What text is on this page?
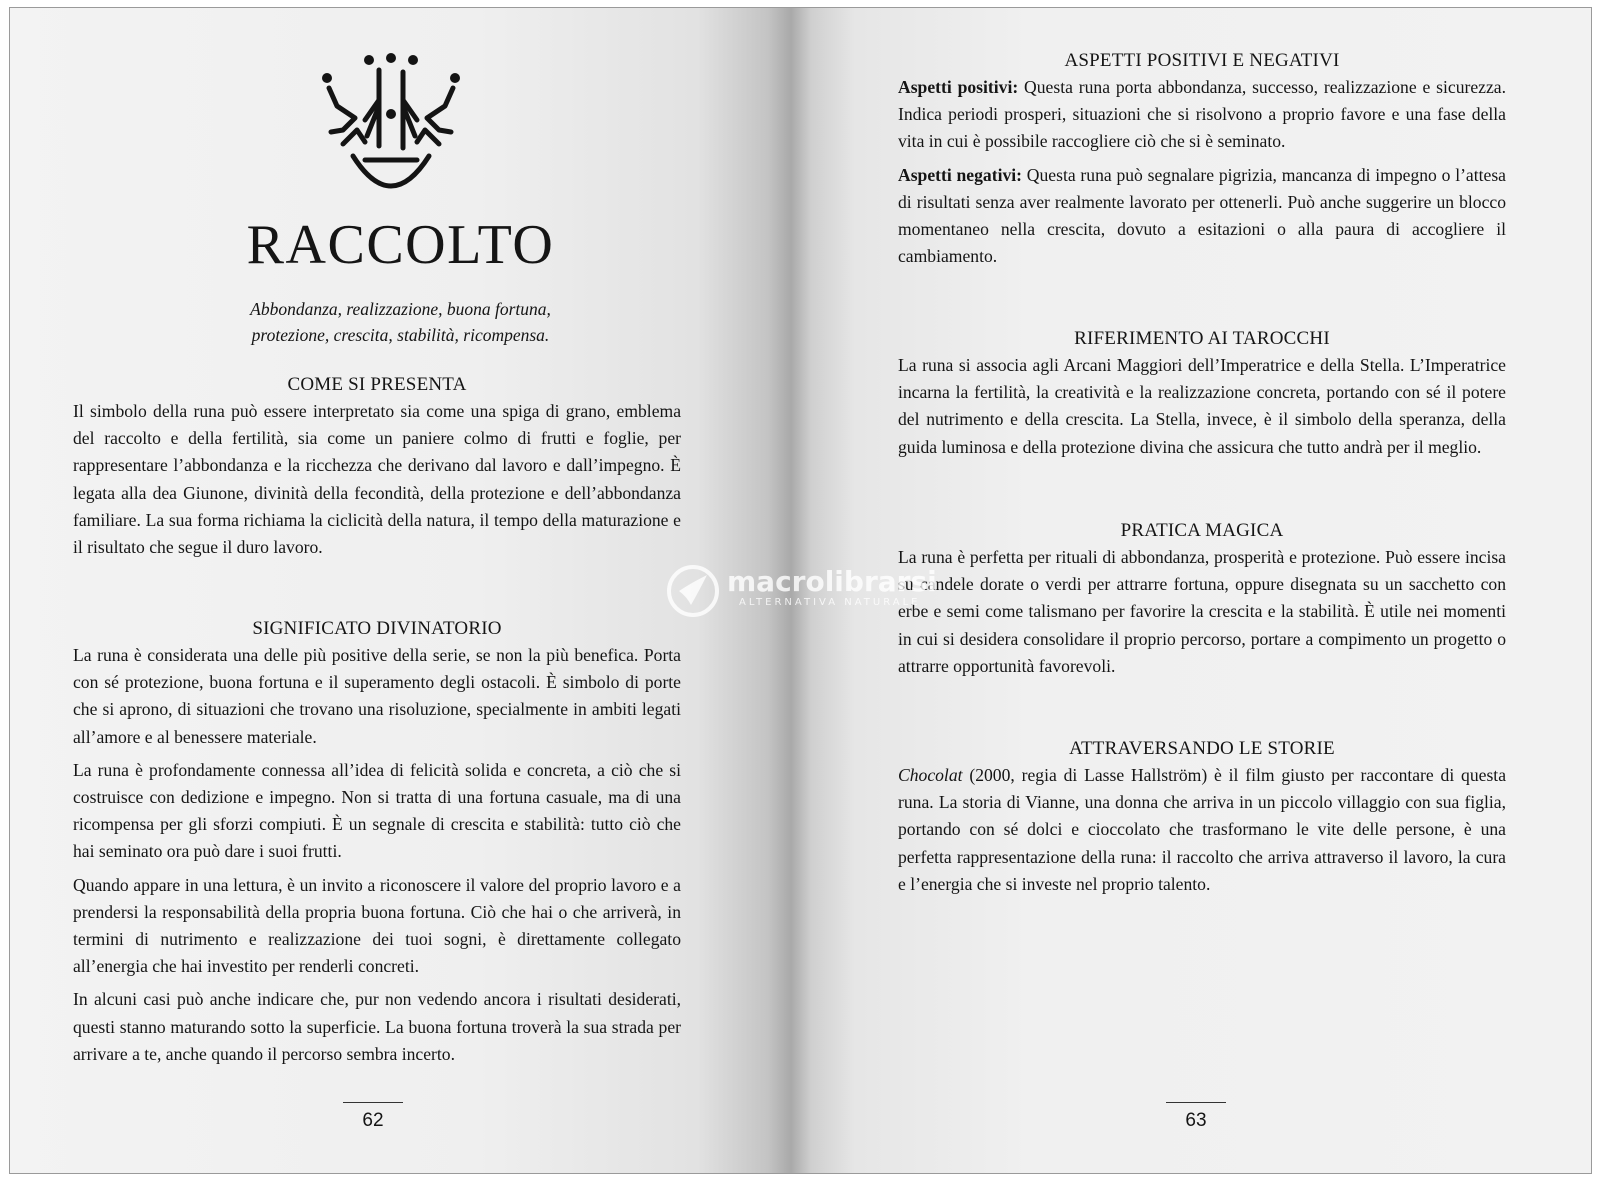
RACCOLTO

Abbondanza, realizzazione, buona fortuna,
protezione, crescita, stabilità, ricompensa.

COME SI PRESENTA

Il simbolo della runa può essere interpretato sia come una spiga di grano, emblema del raccolto e della fertilità, sia come un paniere colmo di frutti e foglie, per rappresentare l’abbondanza e la ricchezza che derivano dal lavoro e dall’impegno. È legata alla dea Giunone, divinità della fecondità, della protezione e dell’abbondanza familiare. La sua forma richiama la ciclicità della natura, il tempo della maturazione e il risultato che segue il duro lavoro.

SIGNIFICATO DIVINATORIO

La runa è considerata una delle più positive della serie, se non la più benefica. Porta con sé protezione, buona fortuna e il superamento degli ostacoli. È simbolo di porte che si aprono, di situazioni che trovano una risoluzione, specialmente in ambiti legati all’amore e al benessere materiale.

La runa è profondamente connessa all’idea di felicità solida e concreta, a ciò che si costruisce con dedizione e impegno. Non si tratta di una fortuna casuale, ma di una ricompensa per gli sforzi compiuti. È un segnale di crescita e stabilità: tutto ciò che hai seminato ora può dare i suoi frutti.

Quando appare in una lettura, è un invito a riconoscere il valore del proprio lavoro e a prendersi la responsabilità della propria buona fortuna. Ciò che hai o che arriverà, in termini di nutrimento e realizzazione dei tuoi sogni, è direttamente collegato all’energia che hai investito per renderli concreti.

In alcuni casi può anche indicare che, pur non vedendo ancora i risultati desiderati, questi stanno maturando sotto la superficie. La buona fortuna troverà la sua strada per arrivare a te, anche quando il percorso sembra incerto.

62

ASPETTI POSITIVI E NEGATIVI

Aspetti positivi: Questa runa porta abbondanza, successo, realizzazione e sicurezza. Indica periodi prosperi, situazioni che si risolvono a proprio favore e una fase della vita in cui è possibile raccogliere ciò che si è seminato.

Aspetti negativi: Questa runa può segnalare pigrizia, mancanza di impegno o l’attesa di risultati senza aver realmente lavorato per ottenerli. Può anche suggerire un blocco momentaneo nella crescita, dovuto a esitazioni o alla paura di accogliere il cambiamento.

RIFERIMENTO AI TAROCCHI

La runa si associa agli Arcani Maggiori dell’Imperatrice e della Stella. L’Imperatrice incarna la fertilità, la creatività e la realizzazione concreta, portando con sé il potere del nutrimento e della crescita. La Stella, invece, è il simbolo della speranza, della guida luminosa e della protezione divina che assicura che tutto andrà per il meglio.

PRATICA MAGICA

La runa è perfetta per rituali di abbondanza, prosperità e protezione. Può essere incisa su candele dorate o verdi per attrarre fortuna, oppure disegnata su un sacchetto con erbe e semi come talismano per favorire la crescita e la stabilità. È utile nei momenti in cui si desidera consolidare il proprio percorso, portare a compimento un progetto o attrarre opportunità favorevoli.

ATTRAVERSANDO LE STORIE

Chocolat (2000, regia di Lasse Hallström) è il film giusto per raccontare di questa runa. La storia di Vianne, una donna che arriva in un piccolo villaggio con sua figlia, portando con sé dolci e cioccolato che trasformano le vite delle persone, è una perfetta rappresentazione della runa: il raccolto che arriva attraverso il lavoro, la cura e l’energia che si investe nel proprio talento.

63
macrolibrarsi
ALTERNATIVA NATURALE
